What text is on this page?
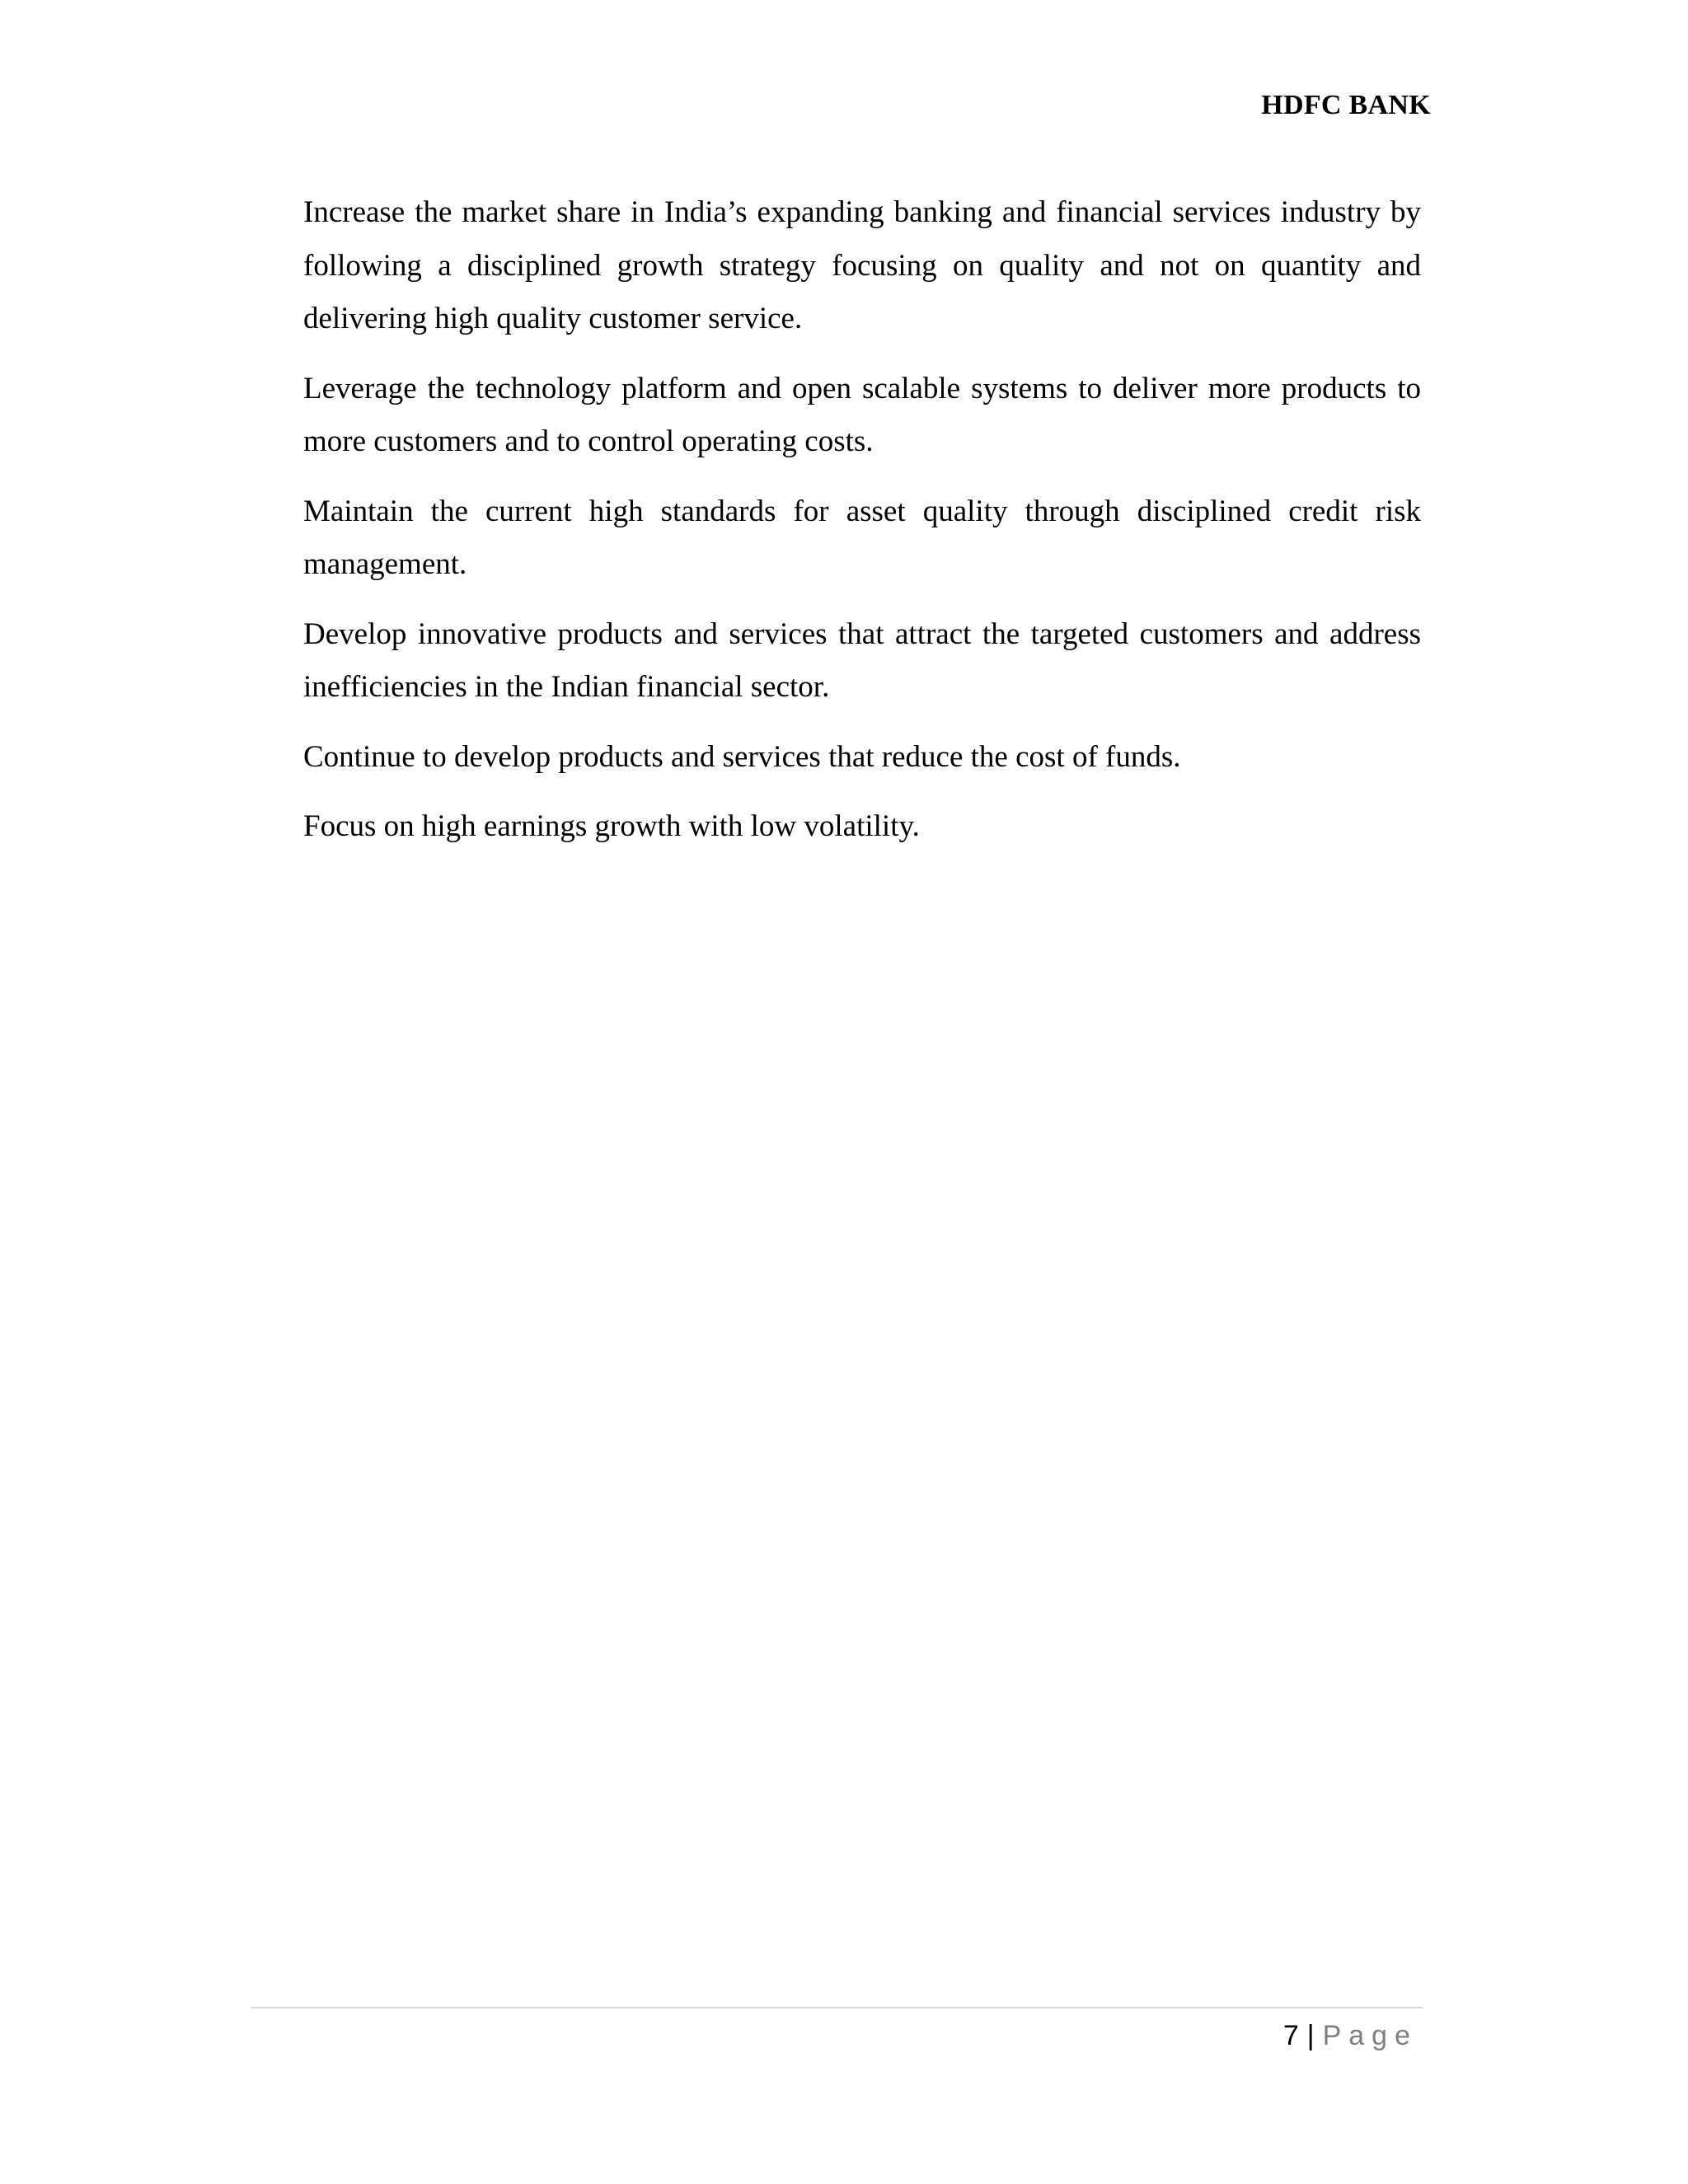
HDFC BANK

Increase the market share in India’s expanding banking and financial services industry by following a disciplined growth strategy focusing on quality and not on quantity and delivering high quality customer service.

Leverage the technology platform and open scalable systems to deliver more products to more customers and to control operating costs.

Maintain the current high standards for asset quality through disciplined credit risk management.

Develop innovative products and services that attract the targeted customers and address inefficiencies in the Indian financial sector.

Continue to develop products and services that reduce the cost of funds.

Focus on high earnings growth with low volatility.

7 | Page
